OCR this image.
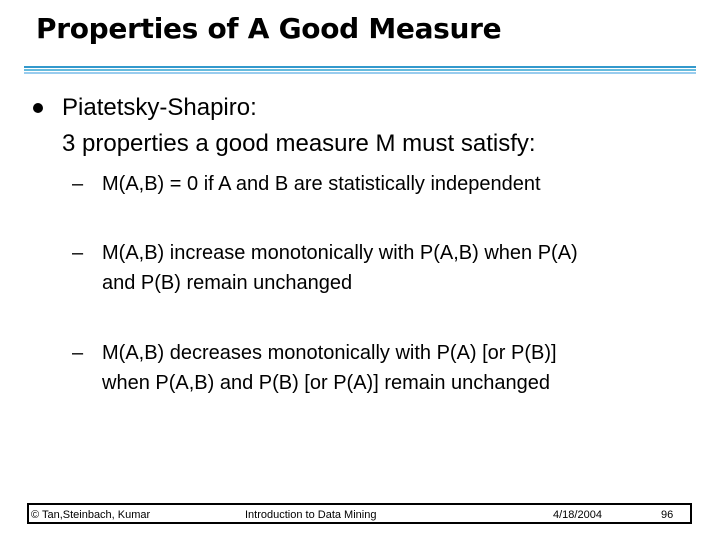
Properties of A Good Measure
Piatetsky-Shapiro:
3 properties a good measure M must satisfy:
– M(A,B) = 0 if A and B are statistically independent
– M(A,B) increase monotonically with P(A,B) when P(A)
and P(B) remain unchanged
– M(A,B) decreases monotonically with P(A) [or P(B)]
when P(A,B) and P(B) [or P(A)] remain unchanged
© Tan,Steinbach, Kumar	Introduction to Data Mining	4/18/2004	96
